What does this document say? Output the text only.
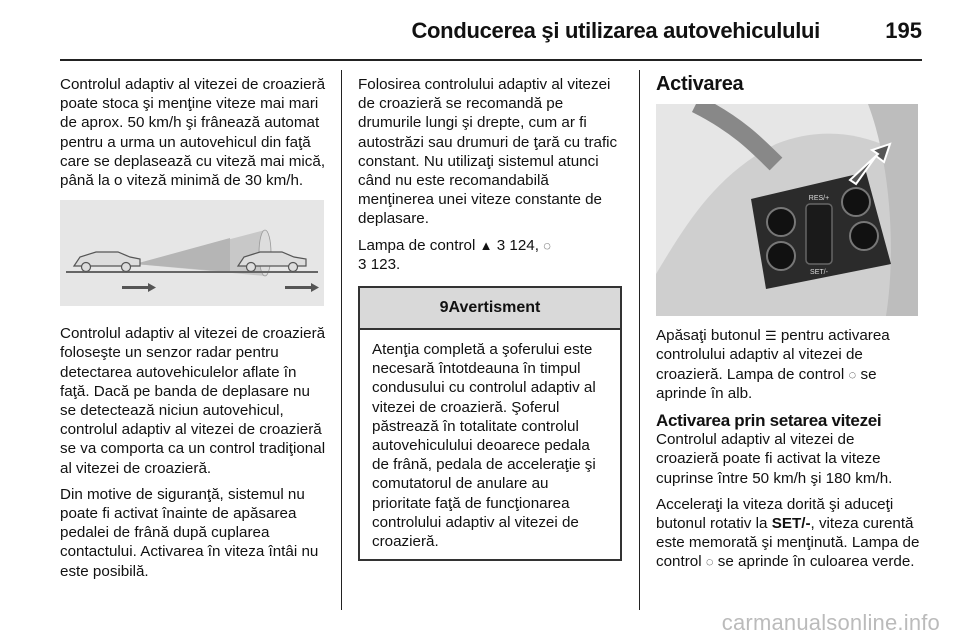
Conducerea şi utilizarea autovehiculului	195

Controlul adaptiv al vitezei de croazieră poate stoca şi menţine viteze mai mari de aprox. 50 km/h şi frânează automat pentru a urma un autovehicul din faţă care se deplasează cu viteză mai mică, până la o viteză minimă de 30 km/h.

Controlul adaptiv al vitezei de croazieră foloseşte un senzor radar pentru detectarea autovehiculelor aflate în faţă. Dacă pe banda de deplasare nu se detectează niciun autovehicul, controlul adaptiv al vitezei de croazieră se va comporta ca un control tradiţional al vitezei de croazieră.

Din motive de siguranţă, sistemul nu poate fi activat înainte de apăsarea pedalei de frână după cuplarea contactului. Activarea în viteza întâi nu este posibilă.

Folosirea controlului adaptiv al vitezei de croazieră se recomandă pe drumurile lungi şi drepte, cum ar fi autostrăzi sau drumuri de ţară cu trafic constant. Nu utilizaţi sistemul atunci când nu este recomandabilă menţinerea unei viteze constante de deplasare.

Lampa de control ▲ 3 124, ◌
3 123.

9Avertisment
Atenţia completă a şoferului este necesară întotdeauna în timpul condusului cu controlul adaptiv al vitezei de croazieră. Şoferul păstrează în totalitate controlul autovehiculului deoarece pedala de frână, pedala de acceleraţie şi comutatorul de anulare au prioritate faţă de funcţionarea controlului adaptiv al vitezei de croazieră.
Activarea
RES/+
SET/-

Apăsaţi butonul ☰ pentru activarea controlului adaptiv al vitezei de croazieră. Lampa de control ◌ se aprinde în alb.

Activarea prin setarea vitezei

Controlul adaptiv al vitezei de croazieră poate fi activat la viteze cuprinse între 50 km/h şi 180 km/h.

Acceleraţi la viteza dorită şi aduceţi butonul rotativ la SET/-, viteza curentă este memorată şi menţinută. Lampa de control ◌ se aprinde în culoarea verde.

carmanualsonline.info
